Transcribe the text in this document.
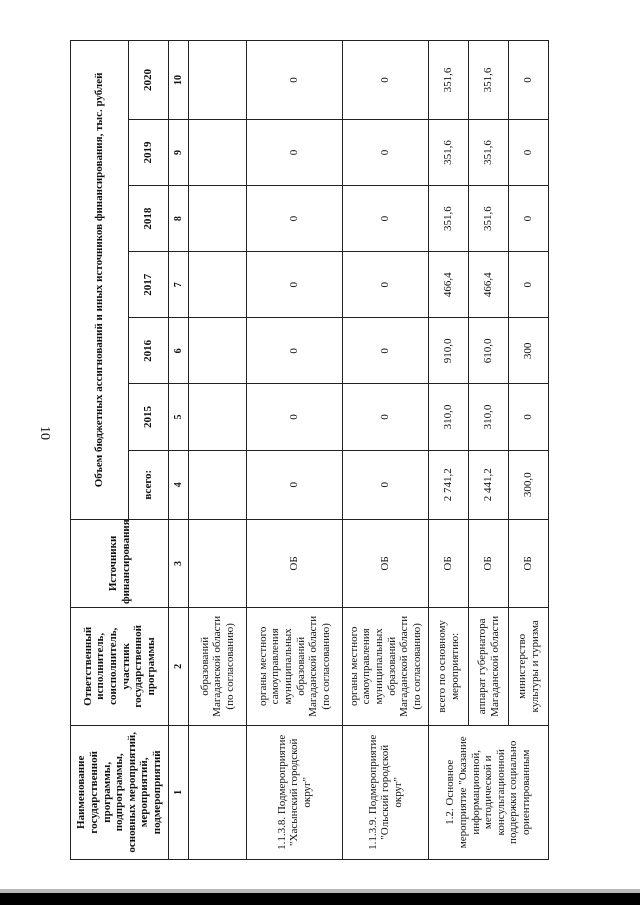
10
Наименование государственной программы, подпрограммы, основных мероприятий, мероприятий, подмероприятий	Ответственный исполнитель, соисполнитель, участник государственной программы	Источники финансирования	Объем бюджетных ассигнований и иных источников финансирования, тыс. рублей						
			всего:	2015	2016	2017	2018	2019	2020
1	2	3	4	5	6	7	8	9	10
	образований Магаданской области (по согласованию)								
1.1.3.8. Подмероприятие "Хасынский городской округ"	органы местного самоуправления муниципальных образований Магаданской области (по согласованию)	ОБ	0	0	0	0	0	0	0
1.1.3.9. Подмероприятие "Ольский городской округ"	органы местного самоуправления муниципальных образований Магаданской области (по согласованию)	ОБ	0	0	0	0	0	0	0
1.2. Основное мероприятие "Оказание информационной, методической и консультационной поддержки социально ориентированным	всего по основному мероприятию:	ОБ	2 741,2	310,0	910,0	466,4	351,6	351,6	351,6
	аппарат губернатора Магаданской области	ОБ	2 441,2	310,0	610,0	466,4	351,6	351,6	351,6
	министерство культуры и туризма	ОБ	300,0	0	300	0	0	0	0
